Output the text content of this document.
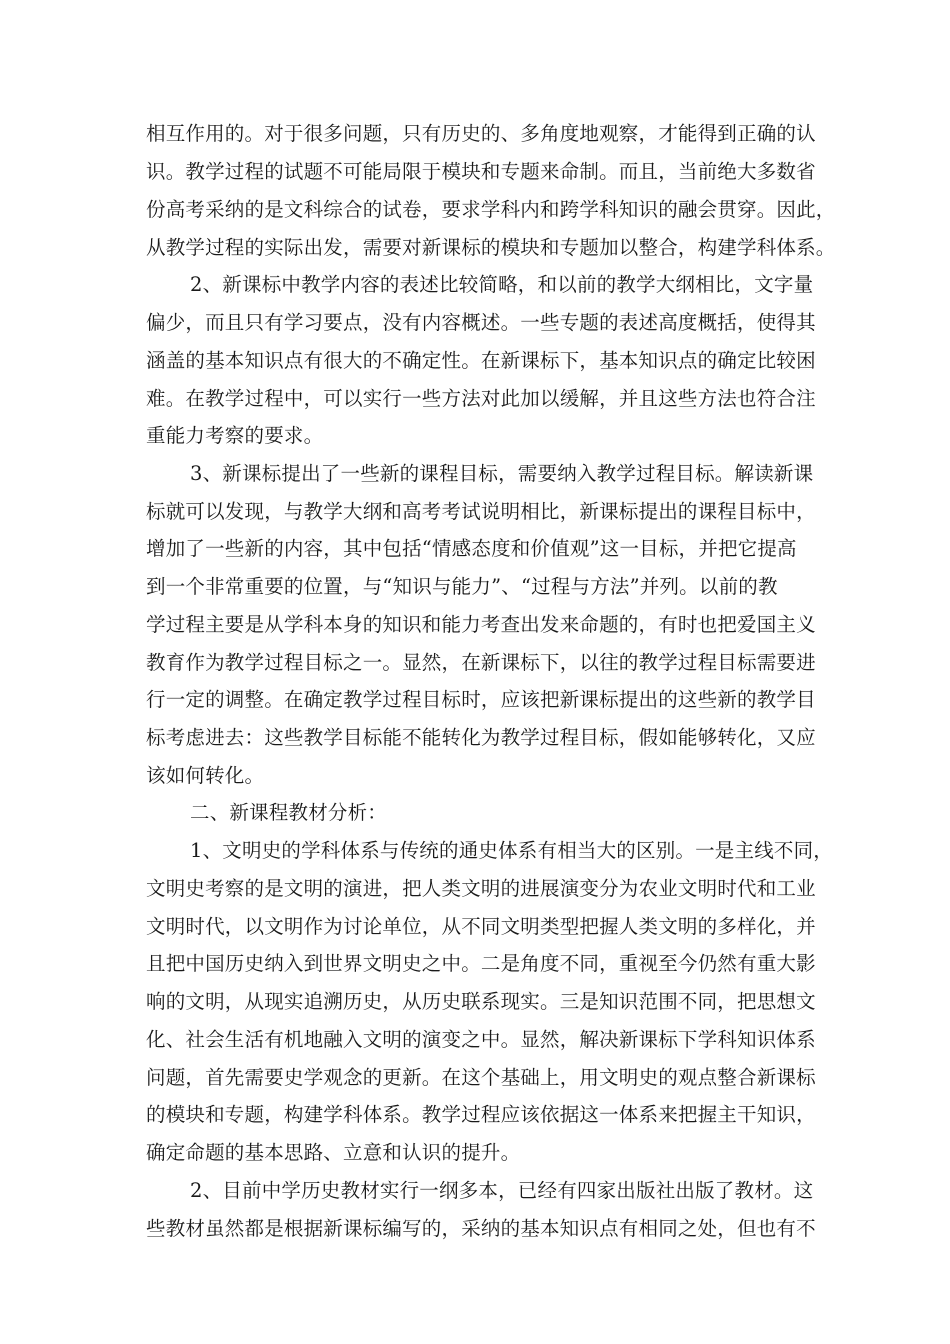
相互作用的。对于很多问题，只有历史的、多角度地观察，才能得到正确的认
识。教学过程的试题不可能局限于模块和专题来命制。而且，当前绝大多数省
份高考采纳的是文科综合的试卷，要求学科内和跨学科知识的融会贯穿。因此，
从教学过程的实际出发，需要对新课标的模块和专题加以整合，构建学科体系。
2、新课标中教学内容的表述比较简略，和以前的教学大纲相比，文字量
偏少，而且只有学习要点，没有内容概述。一些专题的表述高度概括，使得其
涵盖的基本知识点有很大的不确定性。在新课标下，基本知识点的确定比较困
难。在教学过程中，可以实行一些方法对此加以缓解，并且这些方法也符合注
重能力考察的要求。
3、新课标提出了一些新的课程目标，需要纳入教学过程目标。解读新课
标就可以发现，与教学大纲和高考考试说明相比，新课标提出的课程目标中，
增加了一些新的内容，其中包括“情感态度和价值观”这一目标，并把它提高
到一个非常重要的位置，与“知识与能力”、“过程与方法”并列。以前的教
学过程主要是从学科本身的知识和能力考查出发来命题的，有时也把爱国主义
教育作为教学过程目标之一。显然，在新课标下，以往的教学过程目标需要进
行一定的调整。在确定教学过程目标时，应该把新课标提出的这些新的教学目
标考虑进去：这些教学目标能不能转化为教学过程目标，假如能够转化，又应
该如何转化。
二、新课程教材分析：
1、文明史的学科体系与传统的通史体系有相当大的区别。一是主线不同，
文明史考察的是文明的演进，把人类文明的进展演变分为农业文明时代和工业
文明时代，以文明作为讨论单位，从不同文明类型把握人类文明的多样化，并
且把中国历史纳入到世界文明史之中。二是角度不同，重视至今仍然有重大影
响的文明，从现实追溯历史，从历史联系现实。三是知识范围不同，把思想文
化、社会生活有机地融入文明的演变之中。显然，解决新课标下学科知识体系
问题，首先需要史学观念的更新。在这个基础上，用文明史的观点整合新课标
的模块和专题，构建学科体系。教学过程应该依据这一体系来把握主干知识，
确定命题的基本思路、立意和认识的提升。
2、目前中学历史教材实行一纲多本，已经有四家出版社出版了教材。这
些教材虽然都是根据新课标编写的，采纳的基本知识点有相同之处，但也有不
